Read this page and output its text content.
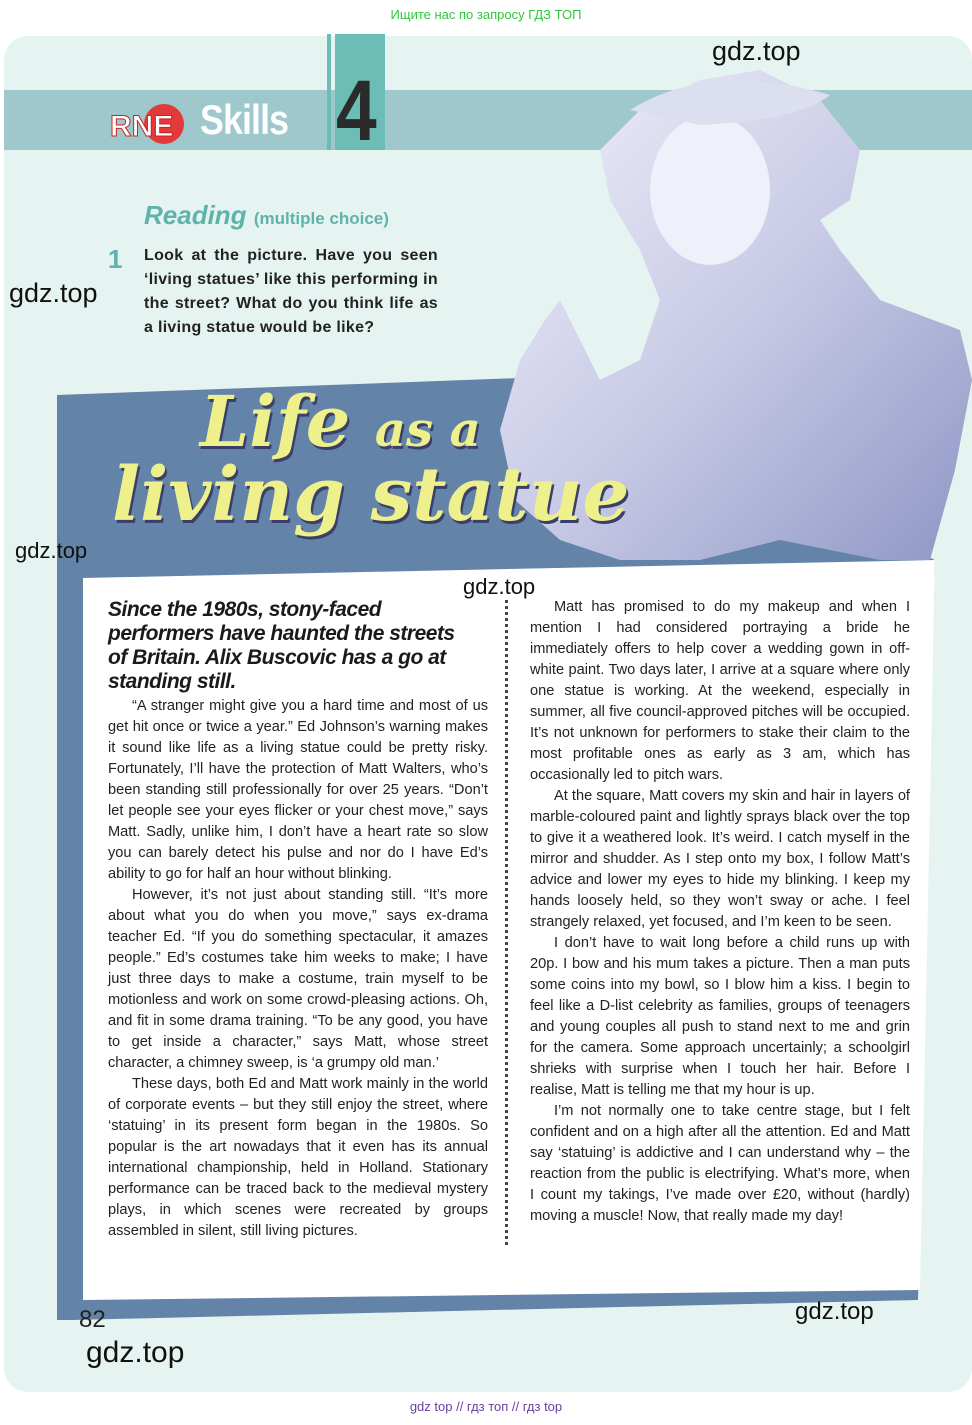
Ищите нас по запросу ГДЗ ТОП
RNE Skills 4
Reading (multiple choice)
1 Look at the picture. Have you seen ‘living statues’ like this performing in the street? What do you think life as a living statue would be like?
Life as a
living statue
Since the 1980s, stony-faced performers have haunted the streets of Britain. Alix Buscovic has a go at standing still.

“A stranger might give you a hard time and most of us get hit once or twice a year.” Ed Johnson’s warning makes it sound like life as a living statue could be pretty risky. Fortunately, I’ll have the protection of Matt Walters, who’s been standing still professionally for over 25 years. “Don’t let people see your eyes flicker or your chest move,” says Matt. Sadly, unlike him, I don’t have a heart rate so slow you can barely detect his pulse and nor do I have Ed’s ability to go for half an hour without blinking.

However, it’s not just about standing still. “It’s more about what you do when you move,” says ex-drama teacher Ed. “If you do something spectacular, it amazes people.” Ed’s costumes take him weeks to make; I have just three days to make a costume, train myself to be motionless and work on some crowd-pleasing actions. Oh, and fit in some drama training. “To be any good, you have to get inside a character,” says Matt, whose street character, a chimney sweep, is ‘a grumpy old man.’

These days, both Ed and Matt work mainly in the world of corporate events – but they still enjoy the street, where ‘statuing’ in its present form began in the 1980s. So popular is the art nowadays that it even has its annual international championship, held in Holland. Stationary performance can be traced back to the medieval mystery plays, in which scenes were recreated by groups assembled in silent, still living pictures.

Matt has promised to do my makeup and when I mention I had considered portraying a bride he immediately offers to help cover a wedding gown in off-white paint. Two days later, I arrive at a square where only one statue is working. At the weekend, especially in summer, all five council-approved pitches will be occupied. It’s not unknown for performers to stake their claim to the most profitable ones as early as 3 am, which has occasionally led to pitch wars.

At the square, Matt covers my skin and hair in layers of marble-coloured paint and lightly sprays black over the top to give it a weathered look. It’s weird. I catch myself in the mirror and shudder. As I step onto my box, I follow Matt’s advice and lower my eyes to hide my blinking. I keep my hands loosely held, so they won’t sway or ache. I feel strangely relaxed, yet focused, and I’m keen to be seen.

I don’t have to wait long before a child runs up with 20p. I bow and his mum takes a picture. Then a man puts some coins into my bowl, so I blow him a kiss. I begin to feel like a D-list celebrity as families, groups of teenagers and young couples all push to stand next to me and grin for the camera. Some approach uncertainly; a schoolgirl shrieks with surprise when I touch her hair. Before I realise, Matt is telling me that my hour is up.

I’m not normally one to take centre stage, but I felt confident and on a high after all the attention. Ed and Matt say ‘statuing’ is addictive and I can understand why – the reaction from the public is electrifying. What’s more, when I count my takings, I’ve made over £20, without (hardly) moving a muscle! Now, that really made my day!

82
gdz.top
gdz.top
gdz.top
gdz.top
gdz.top
gdz.top
gdz top // гдз топ // гдз top
